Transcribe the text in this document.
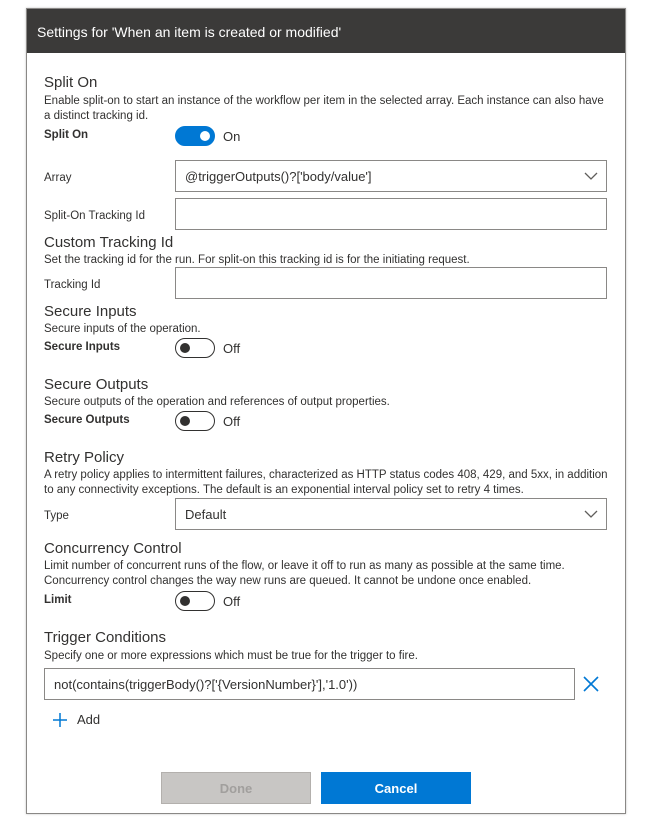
Settings for 'When an item is created or modified'
Split On
Enable split-on to start an instance of the workflow per item in the selected array. Each instance can also have a distinct tracking id.
Split On	On
Array	@triggerOutputs()?['body/value']
Split-On Tracking Id
Custom Tracking Id
Set the tracking id for the run. For split-on this tracking id is for the initiating request.
Tracking Id
Secure Inputs
Secure inputs of the operation.
Secure Inputs	Off
Secure Outputs
Secure outputs of the operation and references of output properties.
Secure Outputs	Off
Retry Policy
A retry policy applies to intermittent failures, characterized as HTTP status codes 408, 429, and 5xx, in addition to any connectivity exceptions. The default is an exponential interval policy set to retry 4 times.
Type	Default
Concurrency Control
Limit number of concurrent runs of the flow, or leave it off to run as many as possible at the same time. Concurrency control changes the way new runs are queued. It cannot be undone once enabled.
Limit	Off
Trigger Conditions
Specify one or more expressions which must be true for the trigger to fire.
not(contains(triggerBody()?['{VersionNumber}'],'1.0'))
Add
Done	Cancel
